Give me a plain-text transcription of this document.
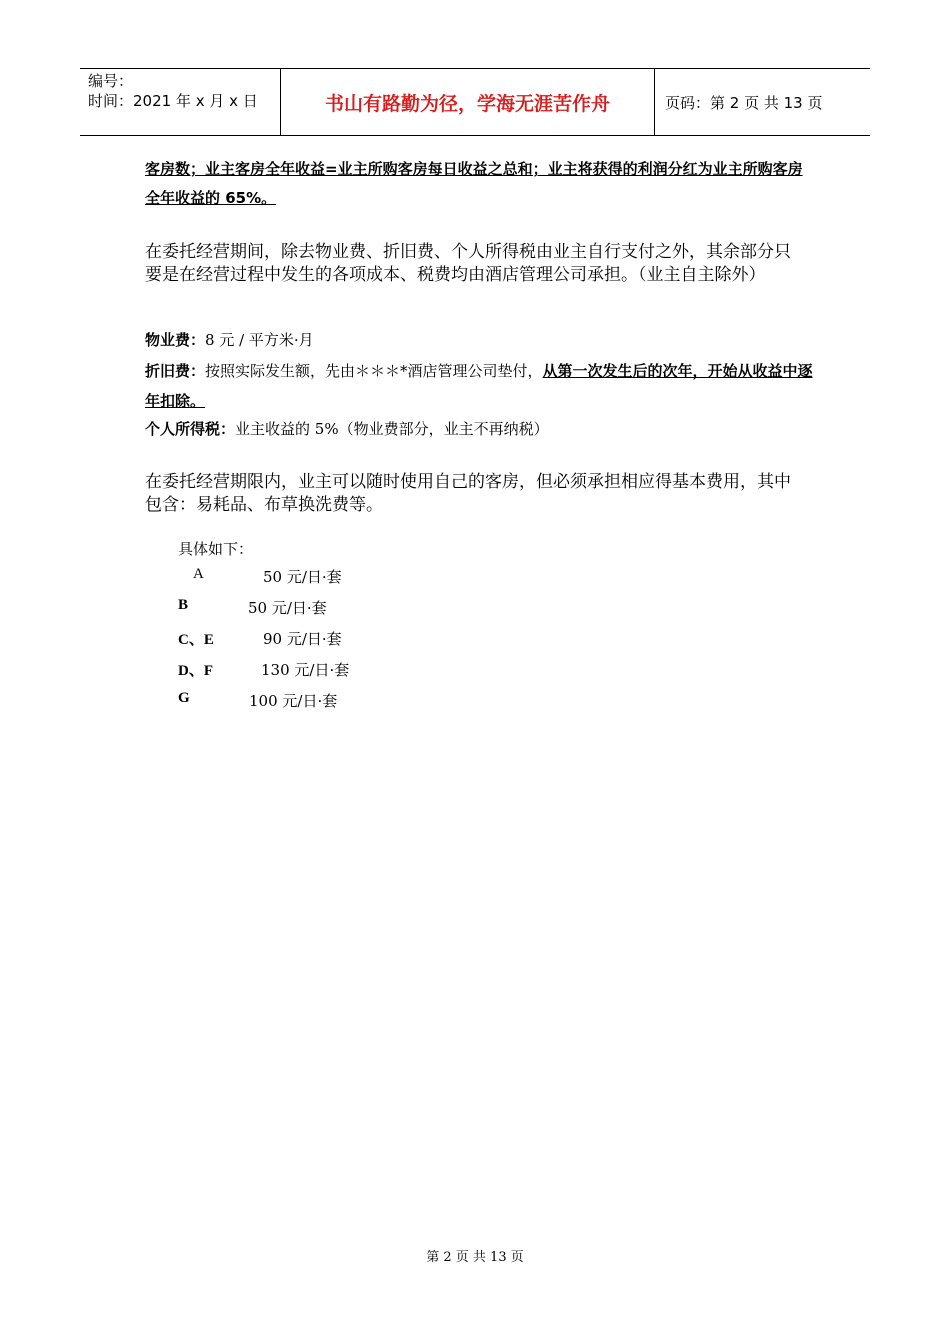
编号：
时间：2021 年 x 月 x 日	书山有路勤为径，学海无涯苦作舟	页码：第 2 页 共 13 页
客房数；业主客房全年收益=业主所购客房每日收益之总和；业主将获得的利润分红为业主所购客房全年收益的 65%。
在委托经营期间，除去物业费、折旧费、个人所得税由业主自行支付之外，其余部分只要是在经营过程中发生的各项成本、税费均由酒店管理公司承担。（业主自主除外）
物业费：8 元 / 平方米·月
折旧费：按照实际发生额，先由＊＊＊*酒店管理公司垫付，从第一次发生后的次年，开始从收益中逐年扣除。
个人所得税：业主收益的 5%（物业费部分，业主不再纳税）
在委托经营期限内，业主可以随时使用自己的客房，但必须承担相应得基本费用，其中包含：易耗品、布草换洗费等。
具体如下：
A	50 元/日·套
B	50 元/日·套
C、E	90 元/日·套
D、F	130 元/日·套
G	100 元/日·套
第 2 页 共 13 页
